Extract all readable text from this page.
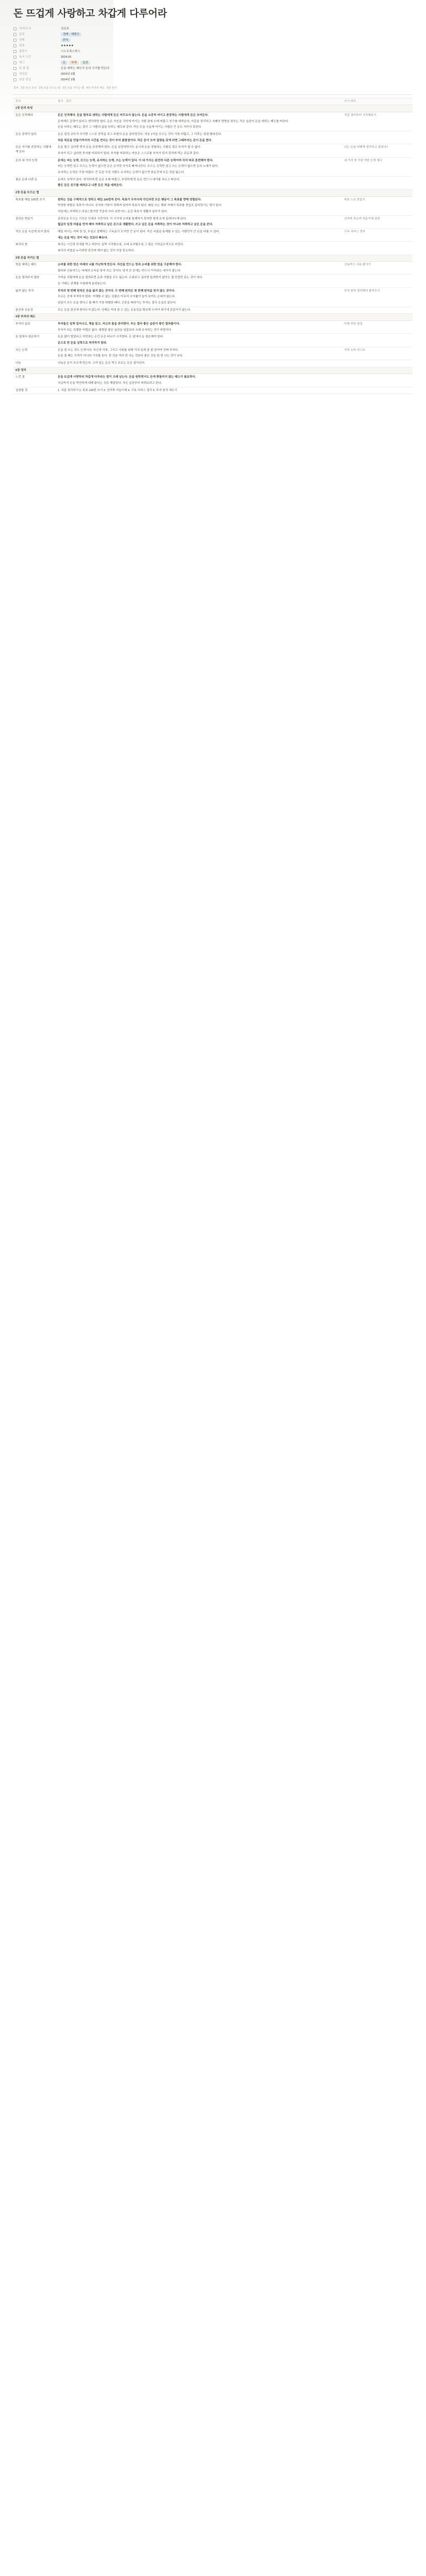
돈 뜨겁게 사랑하고 차갑게 다루어라
저자/도서	김승호
분류	경제 · 재테크
상태	완독
평점	★★★★★
출판사	스노우폭스북스
독서 기간	2024.03
태그	돈 부자 습관
한 줄 평	돈을 대하는 태도가 돈의 크기를 만든다
생성일	2024년 3월
최종 편집	2024년 3월
목차 1장 돈의 속성 2장 돈을 모으는 법 3장 돈을 지키는 법 4장 부자의 태도 5장 정리
목차	필사 · 생각	추가 메모
1장 돈의 속성		
돈은 인격체다	돈은 인격체다. 돈을 함부로 대하는 사람에게 돈은 머무르지 않는다. 돈을 소중히 여기고 존중하는 사람에게 돈은 모여든다.
돈에게도 감정이 있다고 생각하면 쉽다. 돈은 자신을 귀하게 여기는 사람 곁에 오래 머물고 친구를 데려온다. 지갑을 정리하고 지폐의 방향을 맞추는 작은 습관이 돈을 대하는 태도를 바꾼다.
돈을 다루는 태도는 결국 그 사람의 삶을 다루는 태도와 같다. 작은 돈을 우습게 여기는 사람은 큰 돈도 지키지 못한다.	지갑 정리부터 시작해보기
돈은 중력이 있다	돈은 일정 규모가 모이면 스스로 중력을 갖고 주변의 돈을 끌어당긴다. 처음 1억을 모으는 것이 가장 어렵고, 그 이후는 점점 빨라진다.
처음 목돈을 만들기까지의 시간을 견디는 것이 부의 출발점이다. 작은 돈이 모여 질량을 갖게 되면 그때부터는 돈이 돈을 번다.	

돈은 자기를 존중하는 사람에게 온다	돈을 벌고 싶다면 먼저 돈을 존중해야 한다. 돈을 욕망하면서도 동시에 돈을 경멸하는 사람은 결코 부자가 될 수 없다.
부자가 되고 싶다면 부자를 미워하지 말라. 부자를 미워하는 마음은 스스로를 부자가 되지 못하게 막는 주문과 같다.	나는 돈을 어떻게 생각하고 있었나?
돈의 네 가지 능력	돈에는 버는 능력, 모으는 능력, 유지하는 능력, 쓰는 능력이 있다. 이 네 가지는 완전히 다른 능력이며 각각 따로 훈련해야 한다.
버는 능력만 있고 모으는 능력이 없으면 돈은 손가락 사이로 빠져나간다. 모으는 능력만 있고 쓰는 능력이 없으면 돈의 노예가 된다.
유지하는 능력은 가장 어렵다. 큰 돈을 가진 사람도 유지하는 능력이 없으면 한순간에 모든 것을 잃는다.	네 가지 중 가장 약한 능력 체크
좋은 돈과 나쁜 돈	돈에도 성격이 있다. 정직하게 번 돈은 오래 머물고, 부정하게 번 돈은 반드시 대가를 치르고 떠난다.
좋은 돈은 친구를 데려오고 나쁜 돈은 적을 데려온다.	

2장 돈을 모으는 법		
목표를 매일 100번 쓰기	원하는 것을 구체적으로 정하고 매일 100번씩 쓴다. 목표가 무의식에 각인되면 모든 행동이 그 목표를 향해 정렬된다.
막연한 바람은 목표가 아니다. 숫자와 기한이 정해져 있어야 목표가 된다. 매일 쓰는 행위 자체가 목표를 현실로 끌어당기는 힘이 된다.
처음에는 어색하고 의심스럽지만 꾸준히 쓰다 보면 어느 순간 목표가 생활의 일부가 된다.	목표 노트 만들기
종잣돈 만들기	종잣돈을 모으는 기간은 인내의 시간이다. 이 시기에 소비를 통제하지 못하면 평생 돈에 끌려다니게 된다.
월급의 일정 비율을 먼저 떼어 저축하고 남은 돈으로 생활한다. 쓰고 남은 돈을 저축하는 것이 아니라 저축하고 남은 돈을 쓴다.	선저축 후소비 자동이체 설정
작은 돈을 우습게 보지 말라	매일 마시는 커피 한 잔, 무심코 결제하는 구독료가 모이면 큰 돈이 된다. 작은 지출을 통제할 수 있는 사람만이 큰 돈을 다룰 수 있다.
새는 돈을 막는 것이 버는 것보다 빠르다.	구독 서비스 정리
복리의 힘	복리는 시간과 인내를 먹고 자란다. 일찍 시작할수록, 오래 유지할수록 그 힘은 기하급수적으로 커진다.
복리의 마법을 누리려면 중간에 깨지 않는 것이 가장 중요하다.	

3장 돈을 지키는 법		
빚을 대하는 태도	소비를 위한 빚은 미래의 나를 가난하게 만든다. 자산을 만드는 빚과 소비를 위한 빚을 구분해야 한다.
할부와 신용카드는 미래의 소득을 당겨 쓰는 것이다. 당겨 쓴 돈에는 반드시 이자라는 대가가 붙는다.	신용카드 사용 줄이기
돈을 빌려주지 말라	가까운 사람에게 돈을 빌려주면 돈과 사람을 모두 잃는다. 도와주고 싶다면 돌려받지 않아도 될 만큼만 주는 것이 낫다.
돈 거래는 관계를 시험대에 올려놓는다.	

잃지 않는 투자	투자의 첫 번째 원칙은 돈을 잃지 않는 것이다. 두 번째 원칙은 첫 번째 원칙을 잊지 않는 것이다.
모르는 곳에 투자하지 말라. 이해할 수 없는 상품은 아무리 수익률이 높아 보여도 손대지 않는다.
남들이 모두 돈을 번다고 할 때가 가장 위험한 때다. 군중을 따라가는 투자는 결국 손실로 끝난다.	투자 원칙 정리해서 붙여두기
분산과 유동성	모든 돈을 한곳에 묶어두지 않는다. 언제든 꺼내 쓸 수 있는 유동성을 확보해 두어야 위기에 흔들리지 않는다.	

4장 부자의 태도		
부자의 습관	부자들은 일찍 일어나고, 책을 읽고, 자신의 몸을 관리한다. 부는 결국 좋은 습관이 쌓인 결과물이다.
부자가 되는 특별한 비법은 없다. 평범한 좋은 습관을 남들보다 오래 유지하는 것이 비법이다.	아침 루틴 점검
돈 앞에서 겸손하기	돈을 많이 벌었다고 자만하는 순간 돈은 떠나기 시작한다. 돈 앞에서 늘 겸손해야 한다.
운으로 번 돈을 실력으로 착각하지 말라.	

쓰는 능력	돈을 잘 쓰는 것도 능력이다. 자신과 가족, 그리고 사회를 위해 가치 있게 쓸 줄 알아야 진짜 부자다.
돈을 쓸 때는 가격이 아니라 가치를 본다. 싼 것을 여러 번 사는 것보다 좋은 것을 한 번 사는 것이 낫다.	가치 소비 리스트
나눔	나눔은 돈이 흐르게 만든다. 고여 있는 돈은 썩고 흐르는 돈은 살아난다.	

5장 정리		
느낀 점	돈을 뜨겁게 사랑하되 차갑게 다루라는 말이 오래 남는다. 돈을 원하면서도 돈에 휘둘리지 않는 태도가 필요하다.
지금까지 돈을 막연하게 대해 왔다는 것을 깨달았다. 작은 습관부터 바꿔보려고 한다.	

실천할 것	1. 지갑 정리하기 2. 목표 100번 쓰기 3. 선저축 자동이체 4. 구독 서비스 정리 5. 투자 원칙 세우기	
